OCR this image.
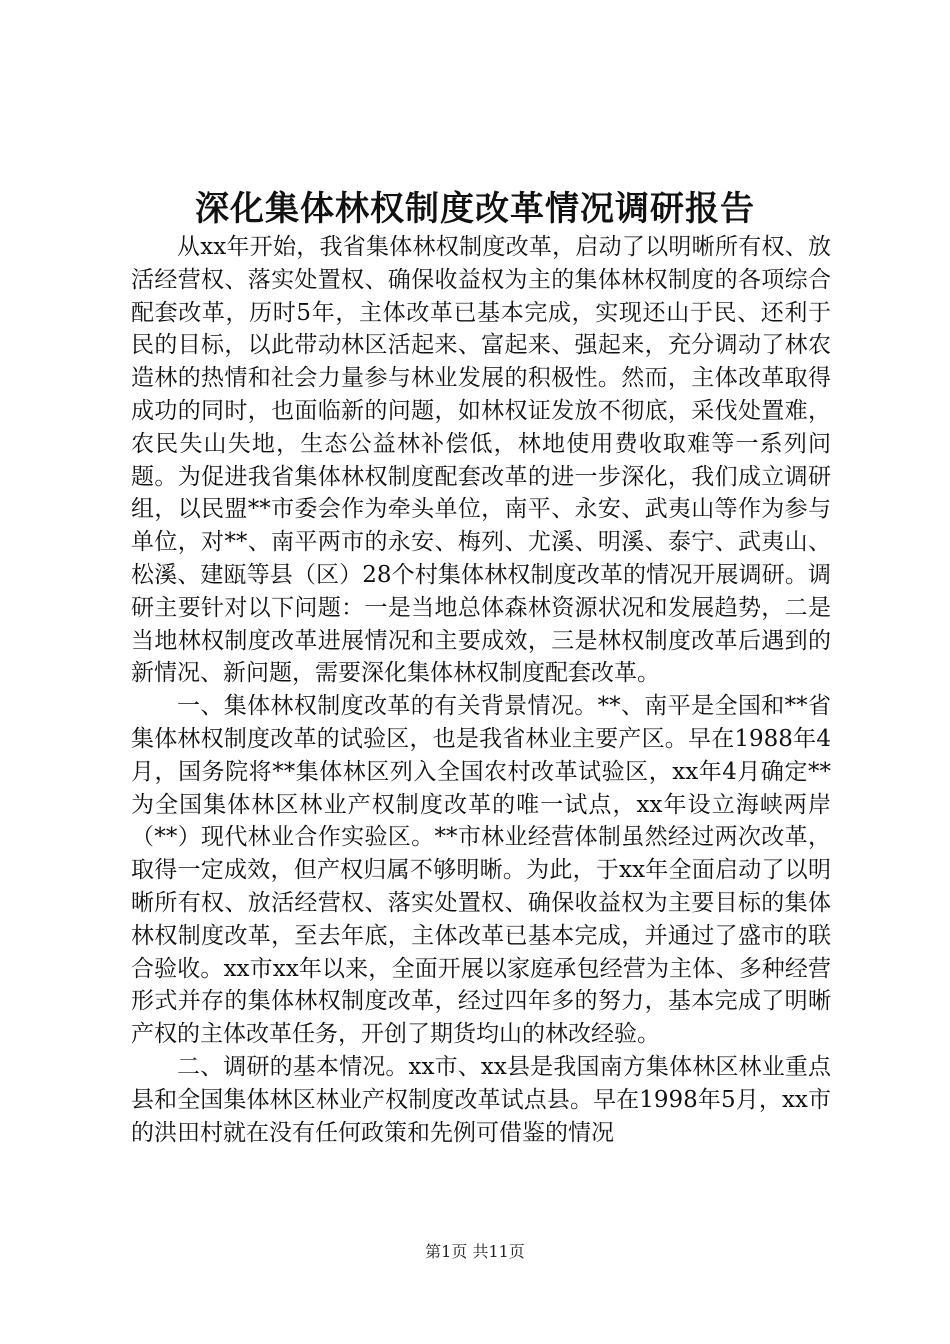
深化集体林权制度改革情况调研报告

从xx年开始，我省集体林权制度改革，启动了以明晰所有权、放活经营权、落实处置权、确保收益权为主的集体林权制度的各项综合配套改革，历时5年，主体改革已基本完成，实现还山于民、还利于民的目标，以此带动林区活起来、富起来、强起来，充分调动了林农造林的热情和社会力量参与林业发展的积极性。然而，主体改革取得成功的同时，也面临新的问题，如林权证发放不彻底，采伐处置难，农民失山失地，生态公益林补偿低，林地使用费收取难等一系列问题。为促进我省集体林权制度配套改革的进一步深化，我们成立调研组，以民盟**市委会作为牵头单位，南平、永安、武夷山等作为参与单位，对**、南平两市的永安、梅列、尤溪、明溪、泰宁、武夷山、松溪、建瓯等县（区）28个村集体林权制度改革的情况开展调研。调研主要针对以下问题：一是当地总体森林资源状况和发展趋势，二是当地林权制度改革进展情况和主要成效，三是林权制度改革后遇到的新情况、新问题，需要深化集体林权制度配套改革。

一、集体林权制度改革的有关背景情况。**、南平是全国和**省集体林权制度改革的试验区，也是我省林业主要产区。早在1988年4月，国务院将**集体林区列入全国农村改革试验区，xx年4月确定**为全国集体林区林业产权制度改革的唯一试点，xx年设立海峡两岸（**）现代林业合作实验区。**市林业经营体制虽然经过两次改革，取得一定成效，但产权归属不够明晰。为此，于xx年全面启动了以明晰所有权、放活经营权、落实处置权、确保收益权为主要目标的集体林权制度改革，至去年底，主体改革已基本完成，并通过了盛市的联合验收。xx市xx年以来，全面开展以家庭承包经营为主体、多种经营形式并存的集体林权制度改革，经过四年多的努力，基本完成了明晰产权的主体改革任务，开创了期货均山的林改经验。

二、调研的基本情况。xx市、xx县是我国南方集体林区林业重点县和全国集体林区林业产权制度改革试点县。早在1998年5月，xx市的洪田村就在没有任何政策和先例可借鉴的情况

第1页 共11页
